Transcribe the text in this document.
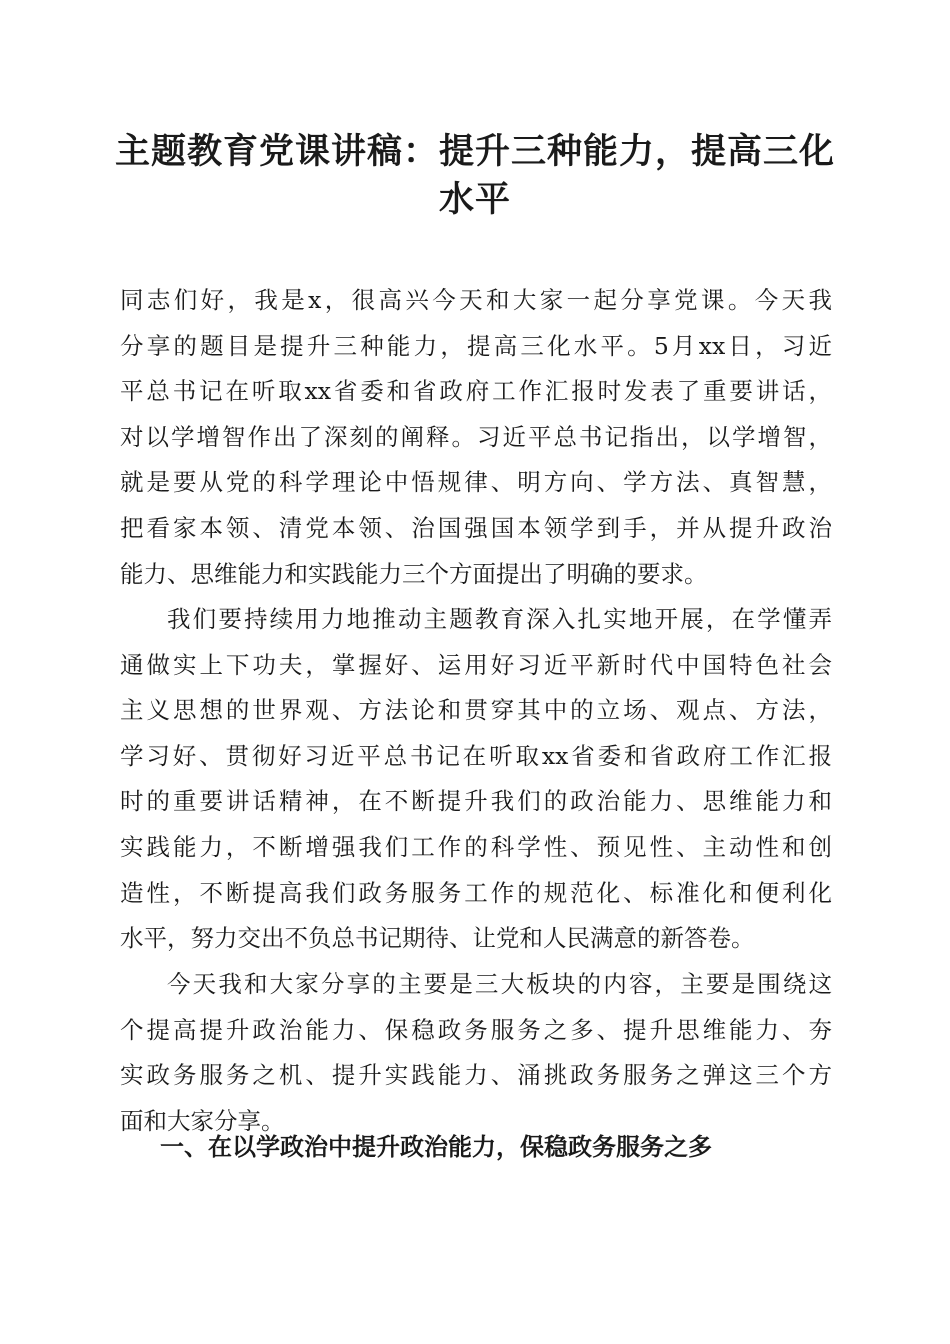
主题教育党课讲稿：提升三种能力，提高三化
水平
同志们好，我是x，很高兴今天和大家一起分享党课。今天我
分享的题目是提升三种能力，提高三化水平。5月xx日，习近
平总书记在听取xx省委和省政府工作汇报时发表了重要讲话，
对以学增智作出了深刻的阐释。习近平总书记指出，以学增智，
就是要从党的科学理论中悟规律、明方向、学方法、真智慧，
把看家本领、清党本领、治国强国本领学到手，并从提升政治
能力、思维能力和实践能力三个方面提出了明确的要求。
我们要持续用力地推动主题教育深入扎实地开展，在学懂弄
通做实上下功夫，掌握好、运用好习近平新时代中国特色社会
主义思想的世界观、方法论和贯穿其中的立场、观点、方法，
学习好、贯彻好习近平总书记在听取xx省委和省政府工作汇报
时的重要讲话精神，在不断提升我们的政治能力、思维能力和
实践能力，不断增强我们工作的科学性、预见性、主动性和创
造性，不断提高我们政务服务工作的规范化、标准化和便利化
水平，努力交出不负总书记期待、让党和人民满意的新答卷。
今天我和大家分享的主要是三大板块的内容，主要是围绕这
个提高提升政治能力、保稳政务服务之多、提升思维能力、夯
实政务服务之机、提升实践能力、涌挑政务服务之弹这三个方
面和大家分享。
一、在以学政治中提升政治能力，保稳政务服务之多
